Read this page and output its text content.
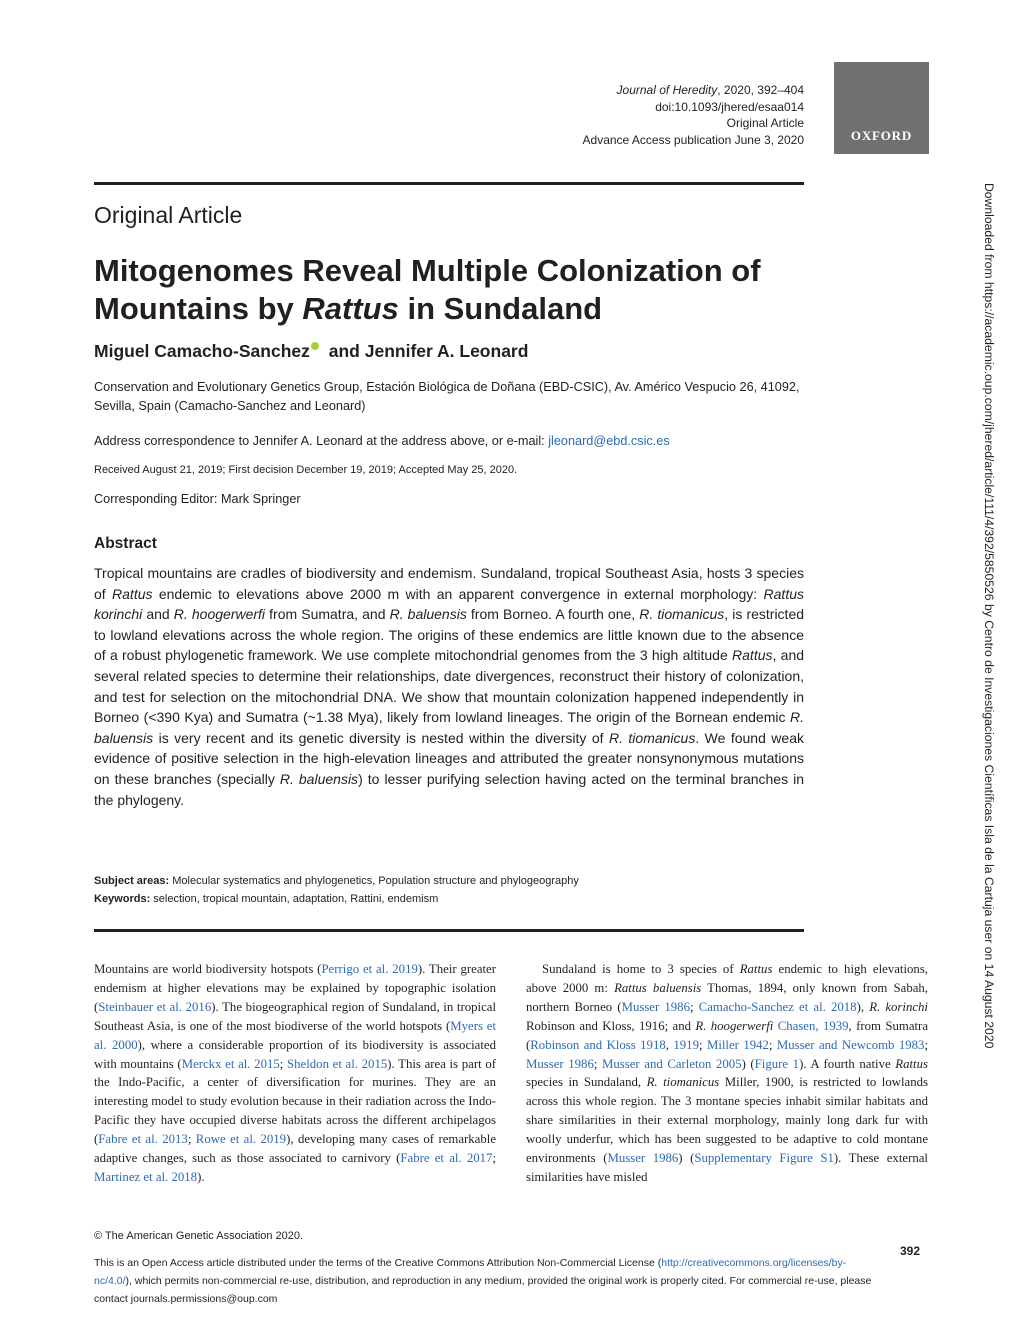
Journal of Heredity, 2020, 392–404
doi:10.1093/jhered/esaa014
Original Article
Advance Access publication June 3, 2020	OXFORD
Downloaded from https://academic.oup.com/jhered/article/111/4/392/5850526 by Centro de Investigaciones Científicas Isla de la Cartuja user on 14 August 2020
Original Article
Mitogenomes Reveal Multiple Colonization of
Mountains by Rattus in Sundaland
Miguel Camacho-Sanchez and Jennifer A. Leonard
Conservation and Evolutionary Genetics Group, Estación Biológica de Doñana (EBD-CSIC), Av. Américo Vespucio 26, 41092, Sevilla, Spain (Camacho-Sanchez and Leonard)
Address correspondence to Jennifer A. Leonard at the address above, or e-mail: jleonard@ebd.csic.es
Received August 21, 2019; First decision December 19, 2019; Accepted May 25, 2020.
Corresponding Editor: Mark Springer
Abstract
Tropical mountains are cradles of biodiversity and endemism. Sundaland, tropical Southeast Asia, hosts 3 species of Rattus endemic to elevations above 2000 m with an apparent convergence in external morphology: Rattus korinchi and R. hoogerwerfi from Sumatra, and R. baluensis from Borneo. A fourth one, R. tiomanicus, is restricted to lowland elevations across the whole region. The origins of these endemics are little known due to the absence of a robust phylogenetic framework. We use complete mitochondrial genomes from the 3 high altitude Rattus, and several related species to determine their relationships, date divergences, reconstruct their history of colonization, and test for selection on the mitochondrial DNA. We show that mountain colonization happened independently in Borneo (<390 Kya) and Sumatra (~1.38 Mya), likely from lowland lineages. The origin of the Bornean endemic R. baluensis is very recent and its genetic diversity is nested within the diversity of R. tiomanicus. We found weak evidence of positive selection in the high-elevation lineages and attributed the greater nonsynonymous mutations on these branches (specially R. baluensis) to lesser purifying selection having acted on the terminal branches in the phylogeny.
Subject areas: Molecular systematics and phylogenetics, Population structure and phylogeography
Keywords: selection, tropical mountain, adaptation, Rattini, endemism
Mountains are world biodiversity hotspots (Perrigo et al. 2019). Their greater endemism at higher elevations may be explained by topographic isolation (Steinbauer et al. 2016). The biogeographical region of Sundaland, in tropical Southeast Asia, is one of the most biodiverse of the world hotspots (Myers et al. 2000), where a considerable proportion of its biodiversity is associated with mountains (Merckx et al. 2015; Sheldon et al. 2015). This area is part of the Indo-Pacific, a center of diversification for murines. They are an interesting model to study evolution because in their radiation across the Indo-Pacific they have occupied diverse habitats across the different archipelagos (Fabre et al. 2013; Rowe et al. 2019), developing many cases of remarkable adaptive changes, such as those associated to carnivory (Fabre et al. 2017; Martinez et al. 2018).
Sundaland is home to 3 species of Rattus endemic to high elevations, above 2000 m: Rattus baluensis Thomas, 1894, only known from Sabah, northern Borneo (Musser 1986; Camacho-Sanchez et al. 2018), R. korinchi Robinson and Kloss, 1916; and R. hoogerwerfi Chasen, 1939, from Sumatra (Robinson and Kloss 1918, 1919; Miller 1942; Musser and Newcomb 1983; Musser 1986; Musser and Carleton 2005) (Figure 1). A fourth native Rattus species in Sundaland, R. tiomanicus Miller, 1900, is restricted to lowlands across this whole region. The 3 montane species inhabit similar habitats and share similarities in their external morphology, mainly long dark fur with woolly underfur, which has been suggested to be adaptive to cold montane environments (Musser 1986) (Supplementary Figure S1). These external similarities have misled
© The American Genetic Association 2020.
392
This is an Open Access article distributed under the terms of the Creative Commons Attribution Non-Commercial License (http://creativecommons.org/licenses/by-nc/4.0/), which permits non-commercial re-use, distribution, and reproduction in any medium, provided the original work is properly cited. For commercial re-use, please contact journals.permissions@oup.com
